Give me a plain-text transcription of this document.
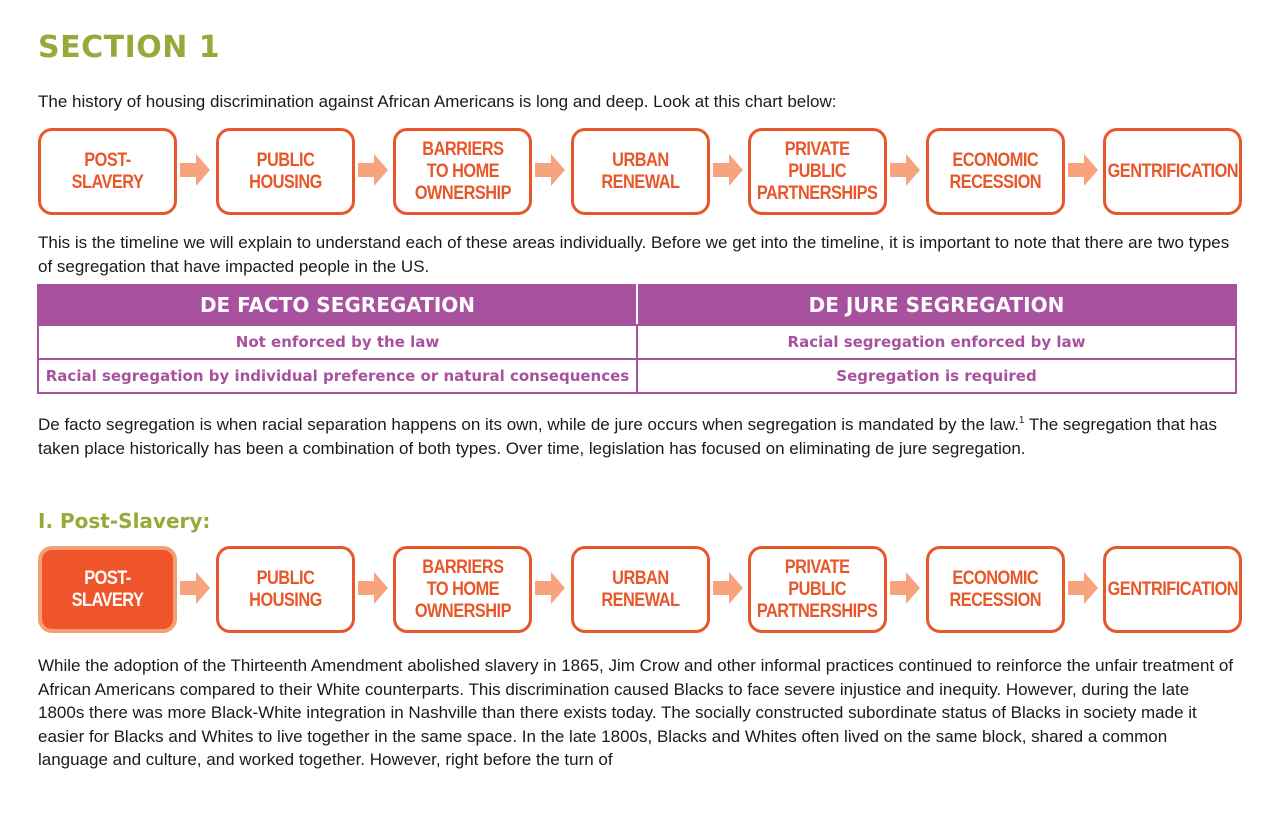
SECTION 1

The history of housing discrimination against African Americans is long and deep. Look at this chart below:

POST-SLAVERY
PUBLIC HOUSING
BARRIERS
TO HOME
OWNERSHIP
URBAN
RENEWAL
PRIVATE PUBLIC
PARTNERSHIPS
ECONOMIC
RECESSION
GENTRIFICATION

This is the timeline we will explain to understand each of these areas individually. Before we get into the timeline, it is important to note that there are two types of segregation that have impacted people in the US.

DE FACTO SEGREGATION	DE JURE SEGREGATION
Not enforced by the law	Racial segregation enforced by law
Racial segregation by individual preference or natural consequences	Segregation is required

De facto segregation is when racial separation happens on its own, while de jure occurs when segregation is mandated by the law.$^1$ The segregation that has taken place historically has been a combination of both types. Over time, legislation has focused on eliminating de jure segregation.

I. Post-Slavery:
POST-SLAVERY
PUBLIC HOUSING
BARRIERS
TO HOME
OWNERSHIP
URBAN
RENEWAL
PRIVATE PUBLIC
PARTNERSHIPS
ECONOMIC
RECESSION
GENTRIFICATION

While the adoption of the Thirteenth Amendment abolished slavery in 1865, Jim Crow and other informal practices continued to reinforce the unfair treatment of African Americans compared to their White counterparts. This discrimination caused Blacks to face severe injustice and inequity. However, during the late 1800s there was more Black-White integration in Nashville than there exists today. The socially constructed subordinate status of Blacks in society made it easier for Blacks and Whites to live together in the same space. In the late 1800s, Blacks and Whites often lived on the same block, shared a common language and culture, and worked together. However, right before the turn of
